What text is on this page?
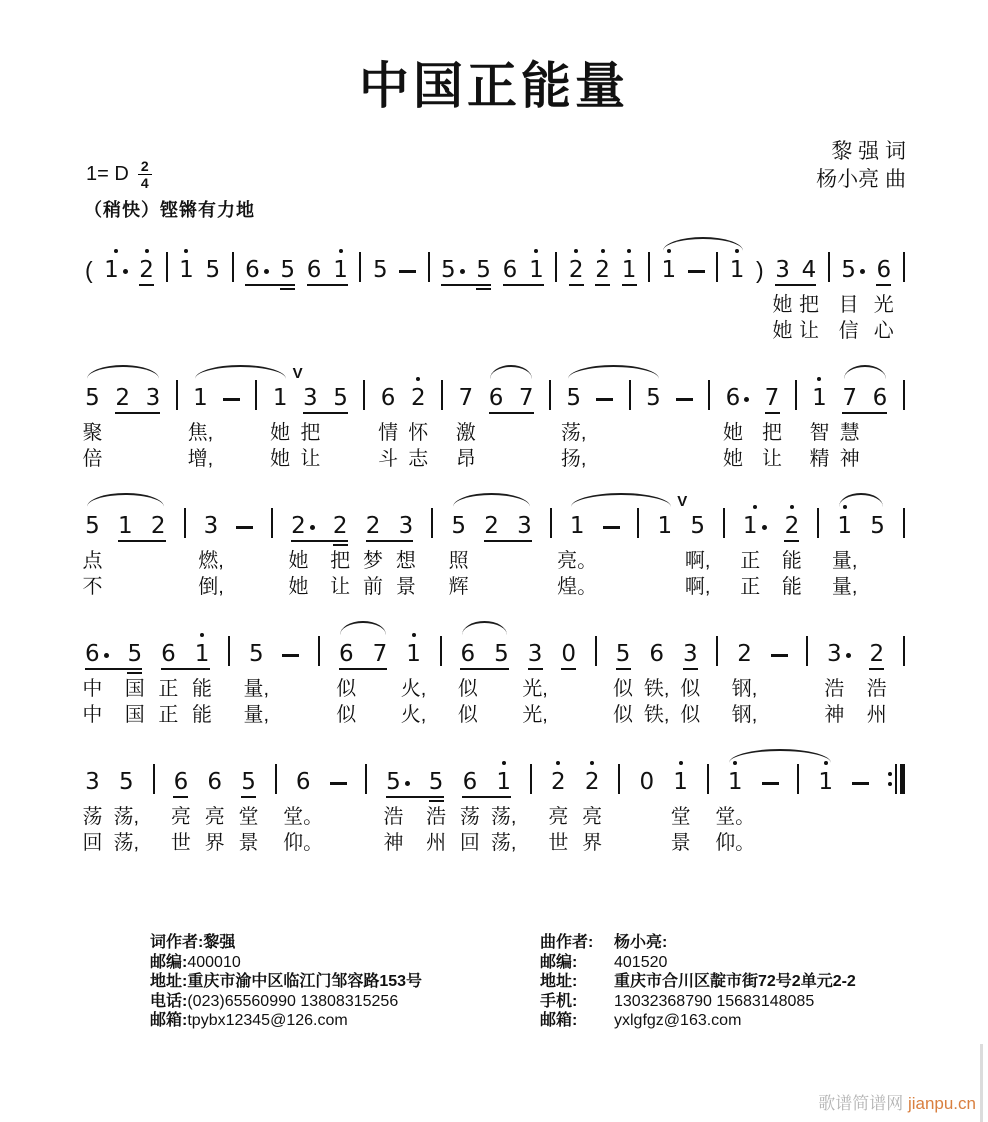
中国正能量
黎 强 词
杨小亮 曲
1= D $\frac{2}{4}$
（稍快）铿锵有力地
( 1 2 1 5 6 5 6 1 5 5 5 6 1 2 2 1 1 1 ) 3 4 5 6
她 把 目 光
她 让 信 心
5 2 3 1	1
V
3 5 6 2 7 6 7 5	5	6 7 1 7 6
聚	焦,	她 把	情 怀 激	荡,	她 把 智 慧
倍	增,	她 让	斗 志 昂	扬,	她 让 精 神
5 1 2 3	2 2 2 3 5 2 3 1	1
V
5 1 2 1 5
点	燃,	她 把 梦 想 照	亮。	啊, 正 能 量,
不	倒,	她 让 前 景 辉	煌。	啊, 正 能 量,
6 5 6 1 5	6 7 1 6 5 3 0 5 6 3 2	3 2
中 国 正 能 量,	似 火, 似 光,	似 铁, 似 钢,	浩 浩
中 国 正 能 量,	似 火, 似 光,	似 铁, 似 钢,	神 州
3 5 6 6 5 6	5 5 6 1 2 2 0 1 1	1
荡 荡, 亮 亮 堂 堂。	浩 浩 荡 荡, 亮 亮	堂 堂。
回 荡, 世 界 景 仰。	神 州 回 荡, 世 界	景 仰。
词作者:黎强
邮编:400010
地址:重庆市渝中区临江门邹容路153号
电话:(023)65560990 13808315256
邮箱:tpybx12345@126.com
曲作者: 杨小亮:
邮编: 401520
地址: 重庆市合川区靛市街72号2单元2-2
手机: 13032368790 15683148085
邮箱: yxlgfgz@163.com
歌谱简谱网 jianpu.cn
